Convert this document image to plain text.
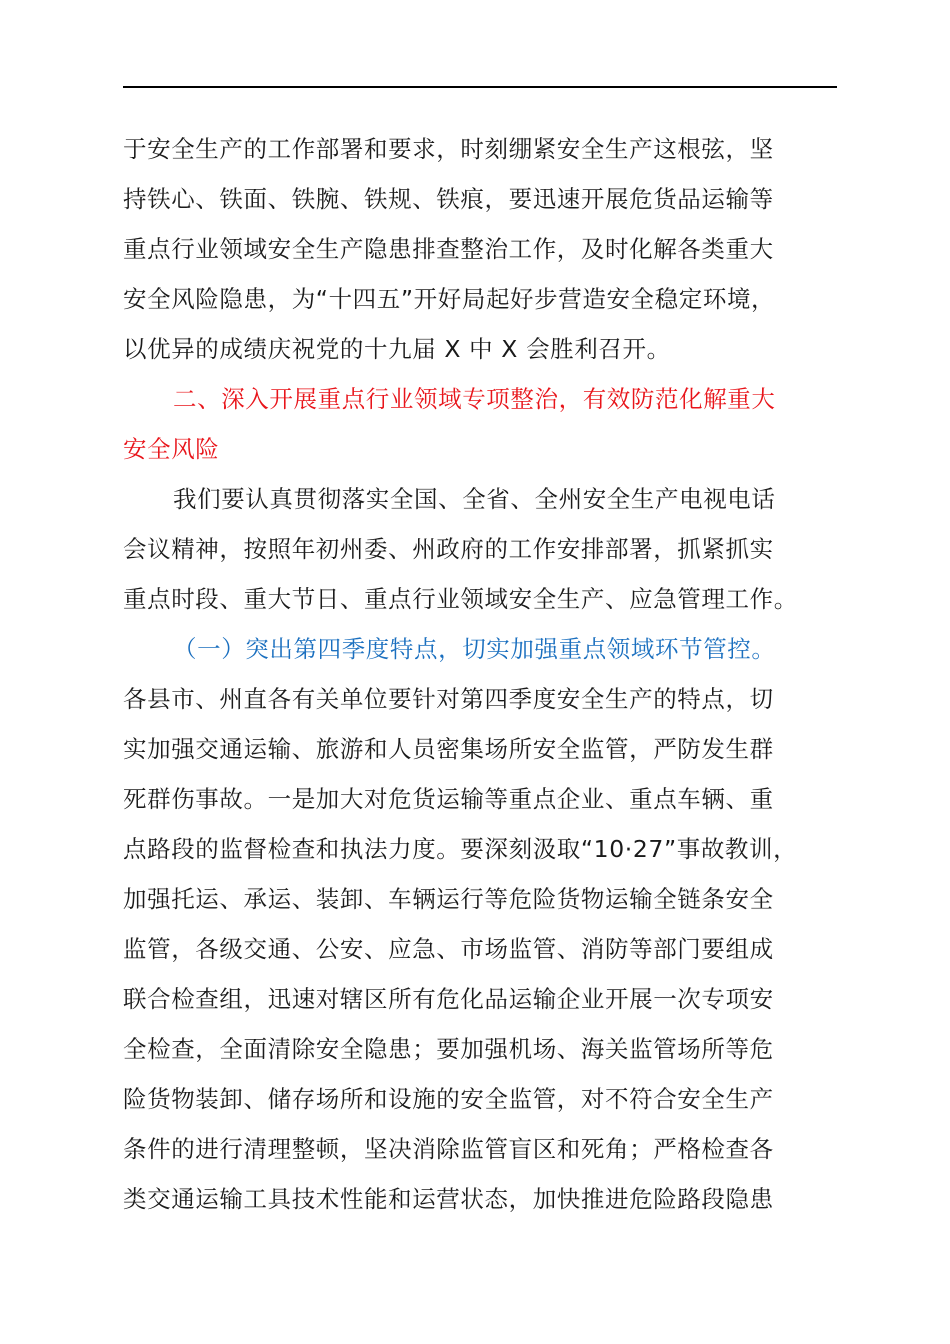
于安全生产的工作部署和要求，时刻绷紧安全生产这根弦，坚
持铁心、铁面、铁腕、铁规、铁痕，要迅速开展危货品运输等
重点行业领域安全生产隐患排查整治工作，及时化解各类重大
安全风险隐患，为“十四五”开好局起好步营造安全稳定环境，
以优异的成绩庆祝党的十九届 X 中 X 会胜利召开。
二、深入开展重点行业领域专项整治，有效防范化解重大
安全风险
我们要认真贯彻落实全国、全省、全州安全生产电视电话
会议精神，按照年初州委、州政府的工作安排部署，抓紧抓实
重点时段、重大节日、重点行业领域安全生产、应急管理工作。
（一）突出第四季度特点，切实加强重点领域环节管控。
各县市、州直各有关单位要针对第四季度安全生产的特点，切
实加强交通运输、旅游和人员密集场所安全监管，严防发生群
死群伤事故。一是加大对危货运输等重点企业、重点车辆、重
点路段的监督检查和执法力度。要深刻汲取“10·27”事故教训，
加强托运、承运、装卸、车辆运行等危险货物运输全链条安全
监管，各级交通、公安、应急、市场监管、消防等部门要组成
联合检查组，迅速对辖区所有危化品运输企业开展一次专项安
全检查，全面清除安全隐患；要加强机场、海关监管场所等危
险货物装卸、储存场所和设施的安全监管，对不符合安全生产
条件的进行清理整顿，坚决消除监管盲区和死角；严格检查各
类交通运输工具技术性能和运营状态，加快推进危险路段隐患
